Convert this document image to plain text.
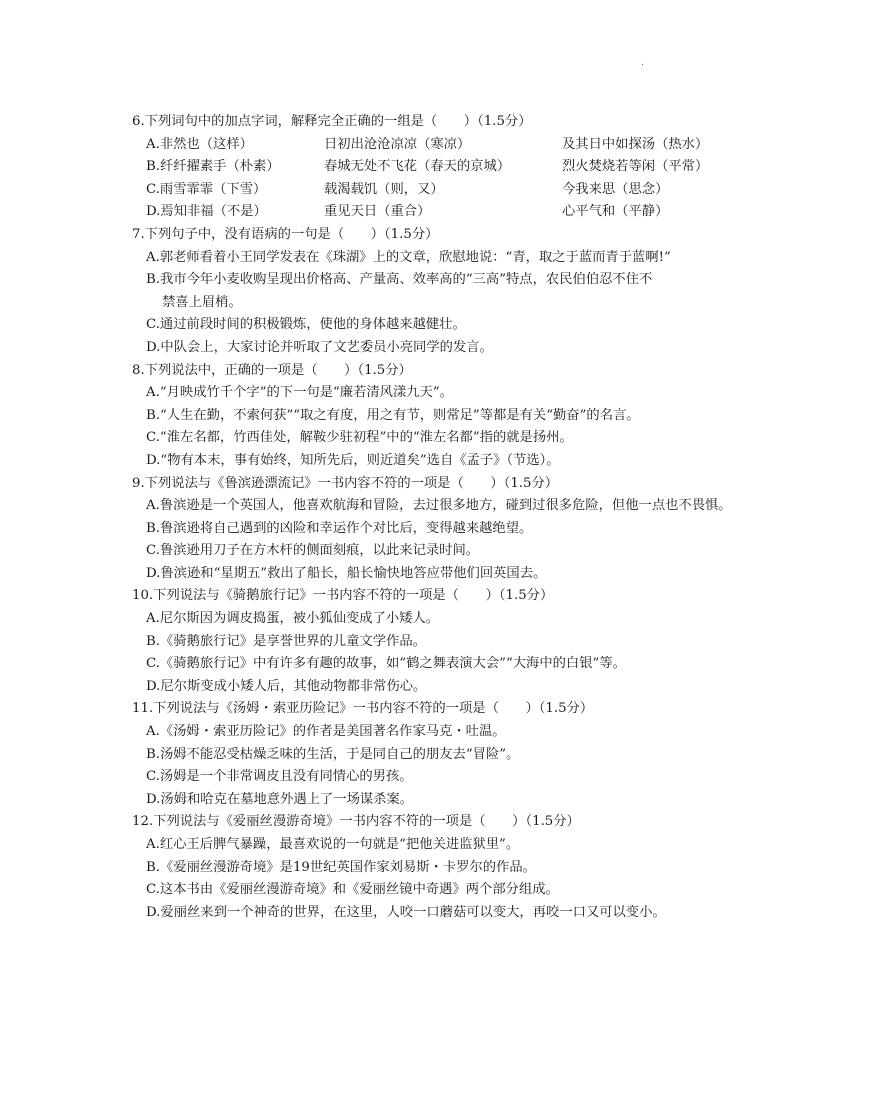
.
6.下列词句中的加点字词，解释完全正确的一组是（　　）（1.5分）
A.非然也（这样）	日初出沧沧凉凉（寒凉）	及其日中如探汤（热水）
B.纤纤擢素手（朴素）	春城无处不飞花（春天的京城）	烈火焚烧若等闲（平常）
C.雨雪霏霏（下雪）	载渴载饥（则，又）	今我来思（思念）
D.焉知非福（不是）	重见天日（重合）	心平气和（平静）
7.下列句子中，没有语病的一句是（　　）（1.5分）
A.郭老师看着小王同学发表在《珠湖》上的文章，欣慰地说：“青，取之于蓝而青于蓝啊!”
B.我市今年小麦收购呈现出价格高、产量高、效率高的“三高”特点，农民伯伯忍不住不
禁喜上眉梢。
C.通过前段时间的积极锻炼，使他的身体越来越健壮。
D.中队会上，大家讨论并听取了文艺委员小亮同学的发言。
8.下列说法中，正确的一项是（　　）（1.5分）
A.“月映成竹千个字”的下一句是“廉若清风漾九天”。
B.“人生在勤，不索何获”“取之有度，用之有节，则常足”等都是有关“勤奋”的名言。
C.“淮左名都，竹西佳处，解鞍少驻初程”中的“淮左名都”指的就是扬州。
D.“物有本末，事有始终，知所先后，则近道矣”选自《孟子》（节选）。
9.下列说法与《鲁滨逊漂流记》一书内容不符的一项是（　　）（1.5分）
A.鲁滨逊是一个英国人，他喜欢航海和冒险，去过很多地方，碰到过很多危险，但他一点也不畏惧。
B.鲁滨逊将自己遇到的凶险和幸运作个对比后，变得越来越绝望。
C.鲁滨逊用刀子在方木杆的侧面刻痕，以此来记录时间。
D.鲁滨逊和“星期五”救出了船长，船长愉快地答应带他们回英国去。
10.下列说法与《骑鹅旅行记》一书内容不符的一项是（　　）（1.5分）
A.尼尔斯因为调皮捣蛋，被小狐仙变成了小矮人。
B.《骑鹅旅行记》是享誉世界的儿童文学作品。
C.《骑鹅旅行记》中有许多有趣的故事，如“鹤之舞表演大会”“大海中的白银”等。
D.尼尔斯变成小矮人后，其他动物都非常伤心。
11.下列说法与《汤姆・索亚历险记》一书内容不符的一项是（　　）（1.5分）
A.《汤姆・索亚历险记》的作者是美国著名作家马克・吐温。
B.汤姆不能忍受枯燥乏味的生活，于是同自己的朋友去“冒险”。
C.汤姆是一个非常调皮且没有同情心的男孩。
D.汤姆和哈克在墓地意外遇上了一场谋杀案。
12.下列说法与《爱丽丝漫游奇境》一书内容不符的一项是（　　）（1.5分）
A.红心王后脾气暴躁，最喜欢说的一句就是“把他关进监狱里”。
B.《爱丽丝漫游奇境》是19世纪英国作家刘易斯・卡罗尔的作品。
C.这本书由《爱丽丝漫游奇境》和《爱丽丝镜中奇遇》两个部分组成。
D.爱丽丝来到一个神奇的世界，在这里，人咬一口蘑菇可以变大，再咬一口又可以变小。
